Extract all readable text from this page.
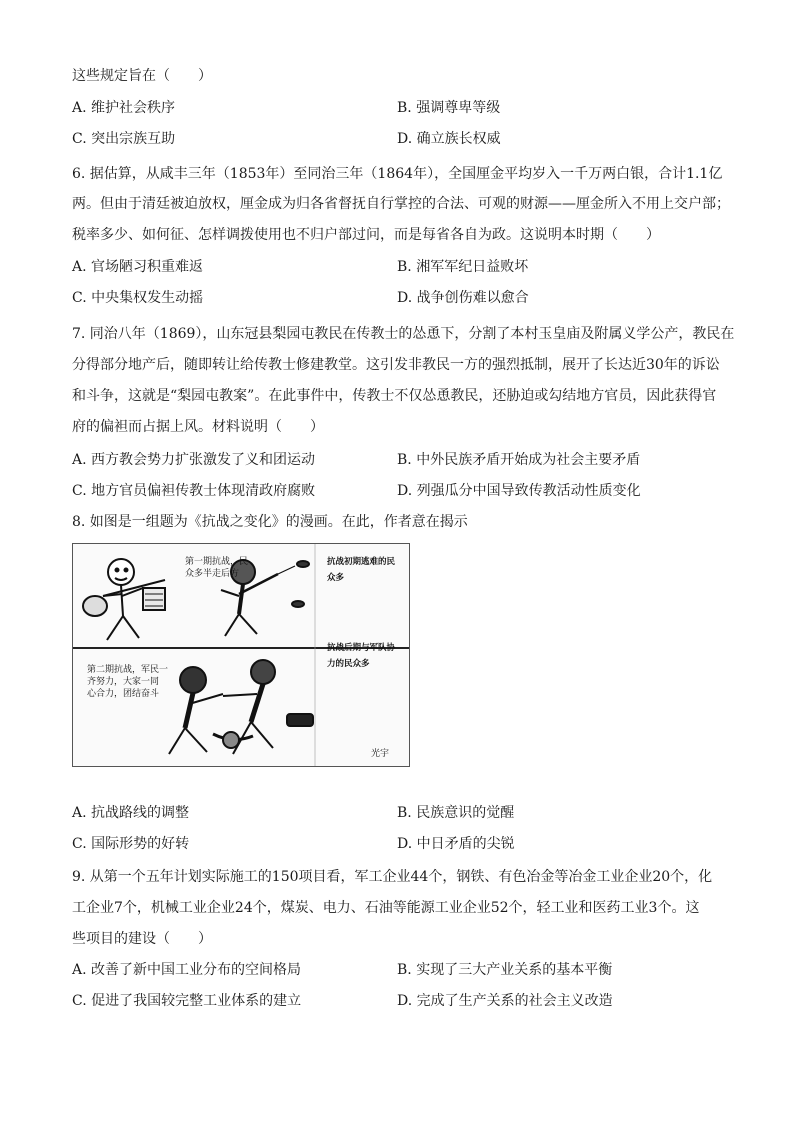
这些规定旨在（　　）
A. 维护社会秩序	B. 强调尊卑等级
C. 突出宗族互助	D. 确立族长权威
6. 据估算，从咸丰三年（1853年）至同治三年（1864年），全国厘金平均岁入一千万两白银，合计1.1亿
两。但由于清廷被迫放权，厘金成为归各省督抚自行掌控的合法、可观的财源——厘金所入不用上交户部；
税率多少、如何征、怎样调拨使用也不归户部过问，而是每省各自为政。这说明本时期（　　）
A. 官场陋习积重难返	B. 湘军军纪日益败坏
C. 中央集权发生动摇	D. 战争创伤难以愈合
7. 同治八年（1869），山东冠县梨园屯教民在传教士的怂恿下，分割了本村玉皇庙及附属义学公产，教民在
分得部分地产后，随即转让给传教士修建教堂。这引发非教民一方的强烈抵制，展开了长达近30年的诉讼
和斗争，这就是“梨园屯教案”。在此事件中，传教士不仅怂恿教民，还胁迫或勾结地方官员，因此获得官
府的偏袒而占据上风。材料说明（　　）
A. 西方教会势力扩张激发了义和团运动	B. 中外民族矛盾开始成为社会主要矛盾
C. 地方官员偏袒传教士体现清政府腐败	D. 列强瓜分中国导致传教活动性质变化
8. 如图是一组题为《抗战之变化》的漫画。在此，作者意在揭示
第一期抗战，民
众多半走后方
第二期抗战，军民一
齐努力，大家一同
心合力，团结奋斗
光宇
抗战初期逃难的民
众多
抗战后期与军队协
力的民众多
A. 抗战路线的调整	B. 民族意识的觉醒
C. 国际形势的好转	D. 中日矛盾的尖锐
9. 从第一个五年计划实际施工的150项目看，军工企业44个，钢铁、有色冶金等冶金工业企业20个，化
工企业7个，机械工业企业24个，煤炭、电力、石油等能源工业企业52个，轻工业和医药工业3个。这
些项目的建设（　　）
A. 改善了新中国工业分布的空间格局	B. 实现了三大产业关系的基本平衡
C. 促进了我国较完整工业体系的建立	D. 完成了生产关系的社会主义改造
